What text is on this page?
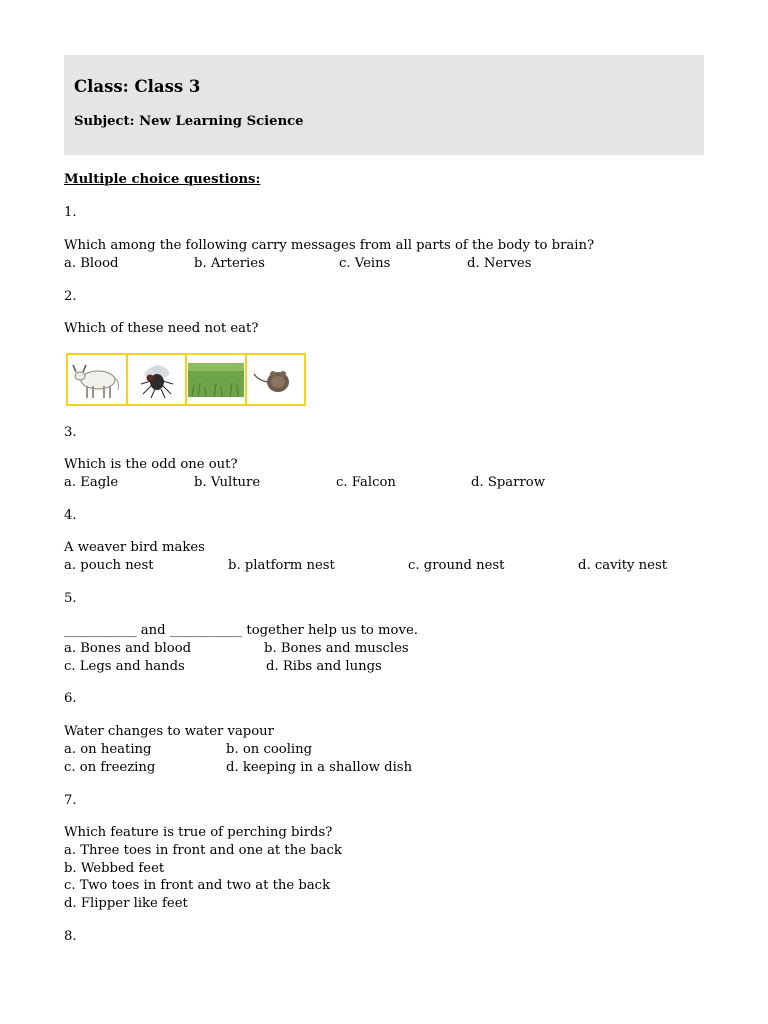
Class: Class 3
Subject: New Learning Science
Multiple choice questions:
1.
Which among the following carry messages from all parts of the body to brain?
a. Blood	b. Arteries	c. Veins	d. Nerves
2.
Which of these need not eat?
3.
Which is the odd one out?
a. Eagle	b. Vulture	c. Falcon	d. Sparrow
4.
A weaver bird makes
a. pouch nest	b. platform nest	c. ground nest	d. cavity nest
5.
___________ and ___________ together help us to move.
a. Bones and blood	b. Bones and muscles
c. Legs and hands	d. Ribs and lungs
6.
Water changes to water vapour
a. on heating	b. on cooling
c. on freezing	d. keeping in a shallow dish
7.
Which feature is true of perching birds?
a. Three toes in front and one at the back
b. Webbed feet
c. Two toes in front and two at the back
d. Flipper like feet
8.
